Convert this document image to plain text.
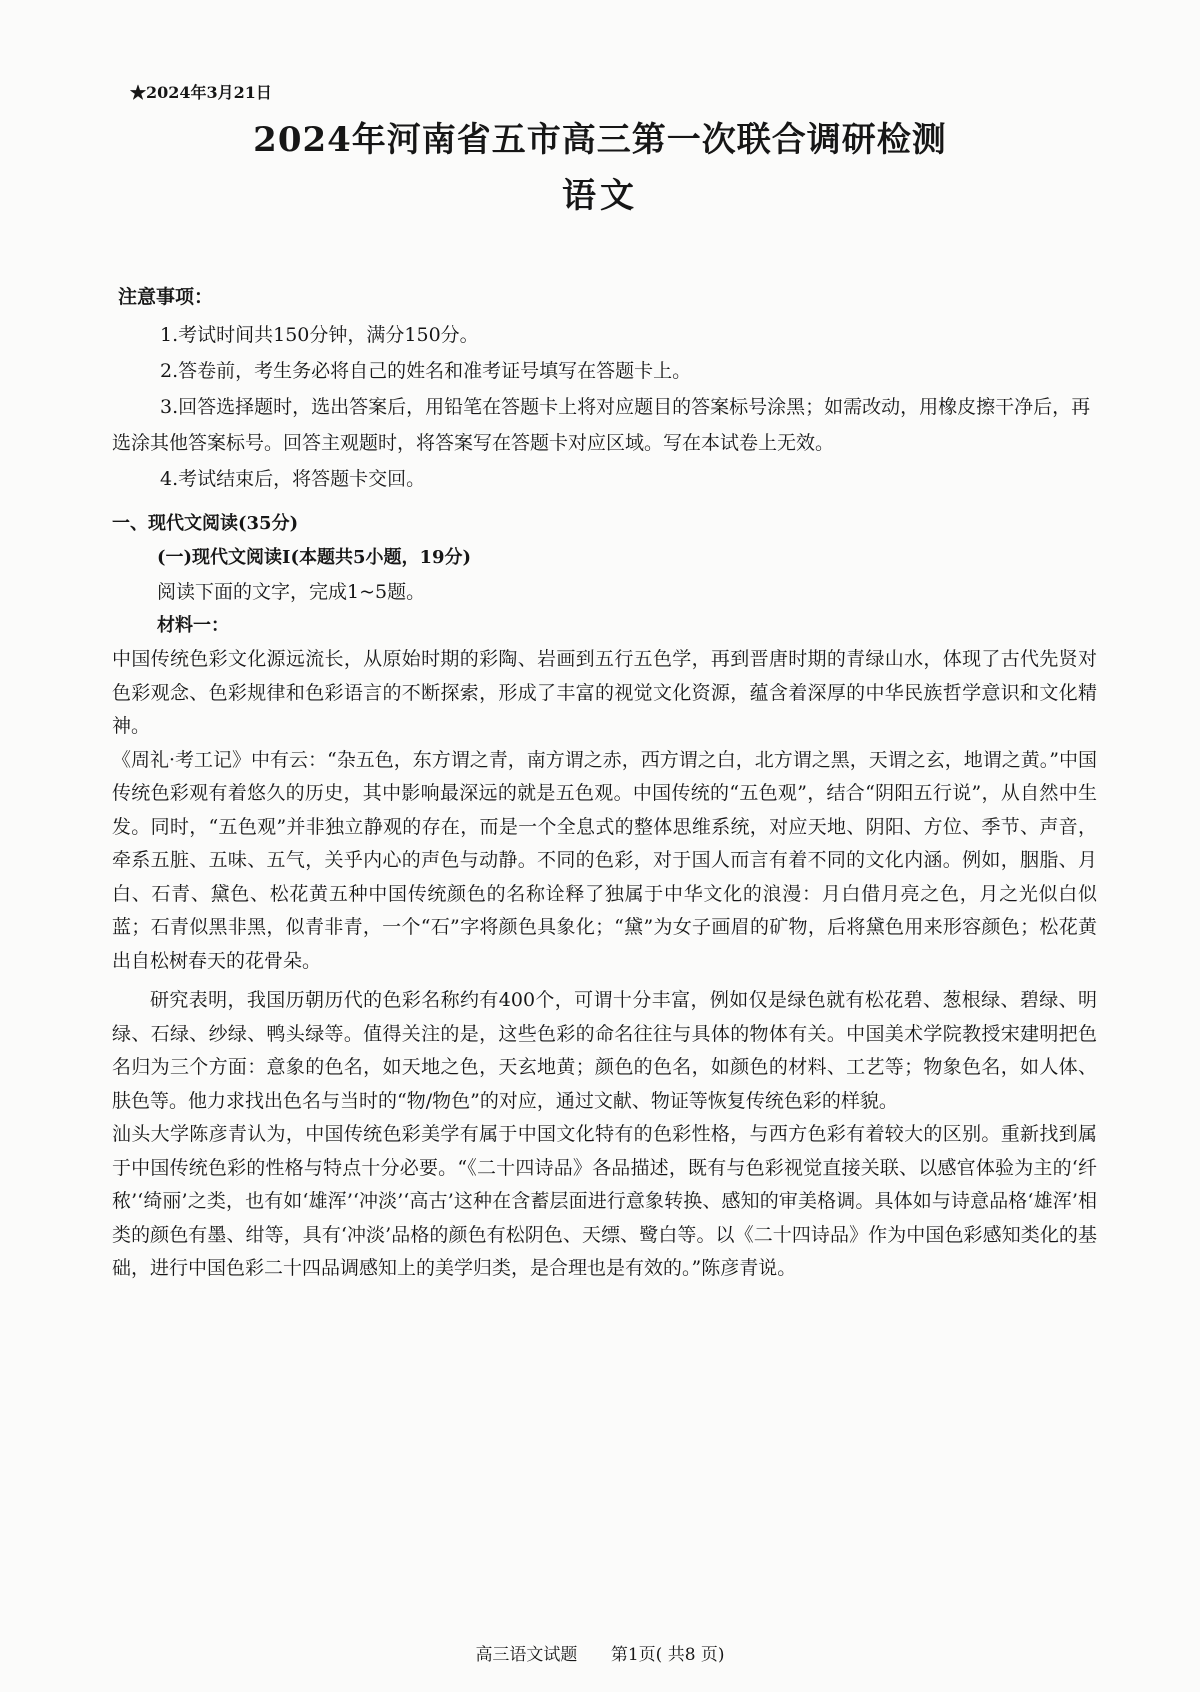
★2024年3月21日
2024年河南省五市高三第一次联合调研检测
语文
注意事项：
1.考试时间共150分钟，满分150分。
2.答卷前，考生务必将自己的姓名和准考证号填写在答题卡上。
3.回答选择题时，选出答案后，用铅笔在答题卡上将对应题目的答案标号涂黑；如需改动，用橡皮擦干净后，再选涂其他答案标号。回答主观题时，将答案写在答题卡对应区域。写在本试卷上无效。
4.考试结束后，将答题卡交回。
一、现代文阅读(35分)
(一)现代文阅读Ⅰ(本题共5小题，19分)
阅读下面的文字，完成1~5题。
材料一：

中国传统色彩文化源远流长，从原始时期的彩陶、岩画到五行五色学，再到晋唐时期的青绿山水，体现了古代先贤对色彩观念、色彩规律和色彩语言的不断探索，形成了丰富的视觉文化资源，蕴含着深厚的中华民族哲学意识和文化精神。

《周礼·考工记》中有云：“杂五色，东方谓之青，南方谓之赤，西方谓之白，北方谓之黑，天谓之玄，地谓之黄。”中国传统色彩观有着悠久的历史，其中影响最深远的就是五色观。中国传统的“五色观”，结合“阴阳五行说”，从自然中生发。同时，“五色观”并非独立静观的存在，而是一个全息式的整体思维系统，对应天地、阴阳、方位、季节、声音，牵系五脏、五味、五气，关乎内心的声色与动静。不同的色彩，对于国人而言有着不同的文化内涵。例如，胭脂、月白、石青、黛色、松花黄五种中国传统颜色的名称诠释了独属于中华文化的浪漫：月白借月亮之色，月之光似白似蓝；石青似黑非黑，似青非青，一个“石”字将颜色具象化；“黛”为女子画眉的矿物，后将黛色用来形容颜色；松花黄出自松树春天的花骨朵。

研究表明，我国历朝历代的色彩名称约有400个，可谓十分丰富，例如仅是绿色就有松花碧、葱根绿、碧绿、明绿、石绿、纱绿、鸭头绿等。值得关注的是，这些色彩的命名往往与具体的物体有关。中国美术学院教授宋建明把色名归为三个方面：意象的色名，如天地之色，天玄地黄；颜色的色名，如颜色的材料、工艺等；物象色名，如人体、肤色等。他力求找出色名与当时的“物/物色”的对应，通过文献、物证等恢复传统色彩的样貌。

汕头大学陈彦青认为，中国传统色彩美学有属于中国文化特有的色彩性格，与西方色彩有着较大的区别。重新找到属于中国传统色彩的性格与特点十分必要。“《二十四诗品》各品描述，既有与色彩视觉直接关联、以感官体验为主的‘纤秾’‘绮丽’之类，也有如‘雄浑’‘冲淡’‘高古’这种在含蓄层面进行意象转换、感知的审美格调。具体如与诗意品格‘雄浑’相类的颜色有墨、绀等，具有‘冲淡’品格的颜色有松阴色、天缥、鹭白等。以《二十四诗品》作为中国色彩感知类化的基础，进行中国色彩二十四品调感知上的美学归类，是合理也是有效的。”陈彦青说。

高三语文试题 第1页( 共8 页)
